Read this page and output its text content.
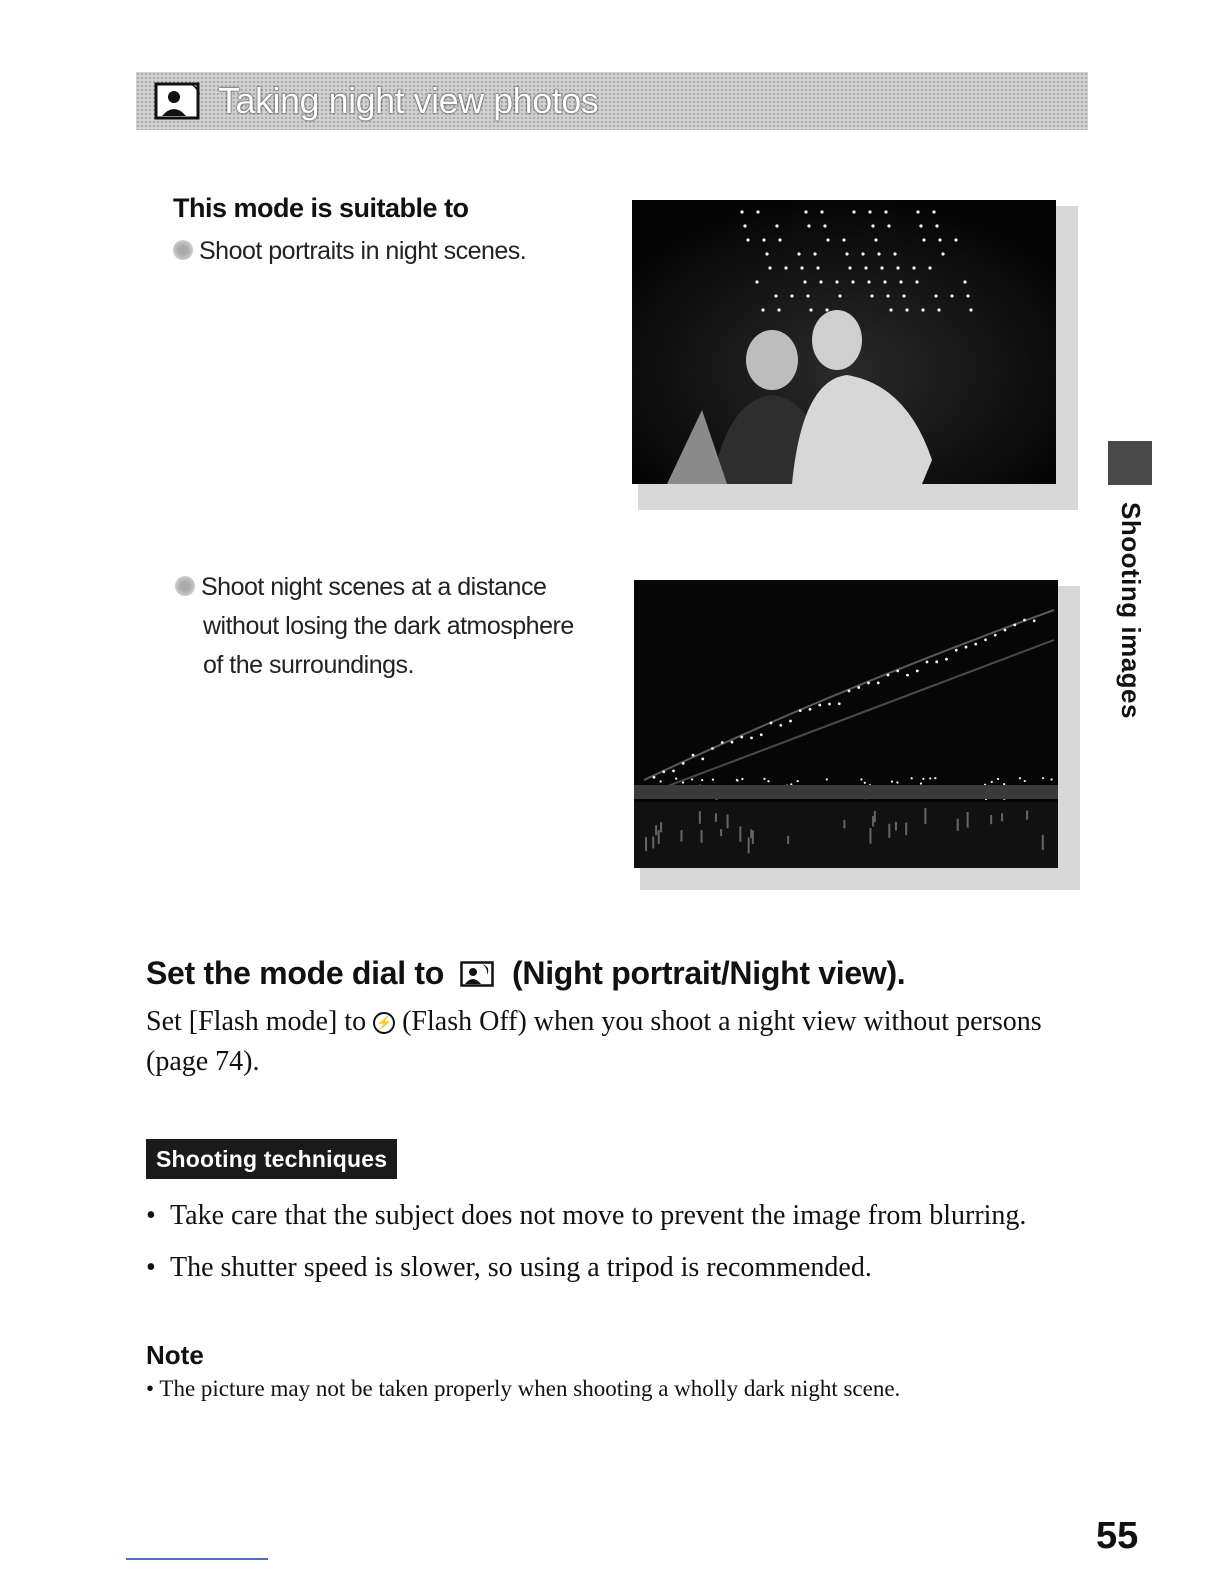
Taking night view photos
This mode is suitable to
Shoot portraits in night scenes.
Shoot night scenes at a distance
without losing the dark atmosphere
of the surroundings.	Shooting images
Set the mode dial to (Night portrait/Night view).
Set [Flash mode] to ⚡ (Flash Off) when you shoot a night view without persons (page 74).
Shooting techniques
• Take care that the subject does not move to prevent the image from blurring.
• The shutter speed is slower, so using a tripod is recommended.
Note
• The picture may not be taken properly when shooting a wholly dark night scene.
55
